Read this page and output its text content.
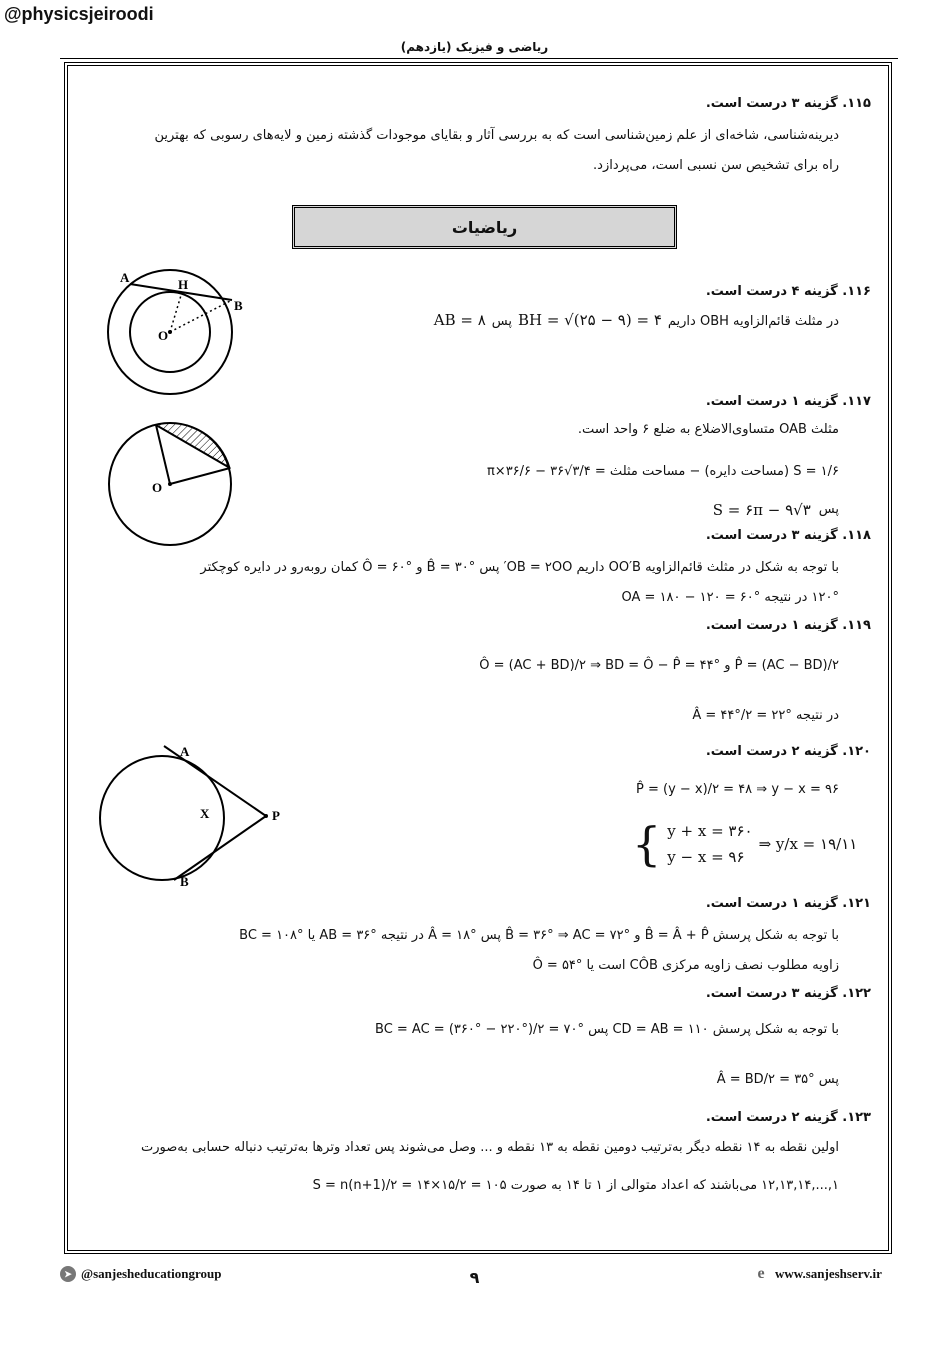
@physicsjeiroodi
ریاضی و فیزیک (یازدهم)
۱۱۵. گزینه ۳ درست است.
دیرینه‌شناسی، شاخه‌ای از علم زمین‌شناسی است که به بررسی آثار و بقایای موجودات گذشته زمین و لایه‌های رسوبی که بهترین
راه برای تشخیص سن نسبی است، می‌پردازد.
ریاضیات
۱۱۶. گزینه ۴ درست است.
در مثلث قائم‌الزاویه OBH داریم
BH = √(۲۵ − ۹) = ۴
پس
AB = ۸
A	H
B
O
۱۱۷. گزینه ۱ درست است.
مثلث OAB متساوی‌الاضلاع به ضلع ۶ واحد است.
S = ۱/۶ (مساحت دایره) − مساحت مثلث = π×۳۶/۶ − ۳۶√۳/۴
پس
S = ۶π − ۹√۳
O
۱۱۸. گزینه ۳ درست است.
با توجه به شکل در مثلث قائم‌الزاویه OO′B داریم OB = ۲OO′ پس B̂ = ۳۰° و Ô = ۶۰° کمان روبه‌رو در دایره کوچکتر
۱۲۰° در نتیجه OA = ۱۸۰ − ۱۲۰ = ۶۰°
۱۱۹. گزینه ۱ درست است.
P̂ = (AC − BD)/۲ و Ô = (AC + BD)/۲ ⇒ BD = Ô − P̂ = ۴۴°
در نتیجه Â = ۴۴°/۲ = ۲۲°
۱۲۰. گزینه ۲ درست است.
P̂ = (y − x)/۲ = ۴۸ ⇒ y − x = ۹۶
{ y + x = ۳۶۰
y − x = ۹۶
⇒ y/x = ۱۹/۱۱
A
X	P
B
۱۲۱. گزینه ۱ درست است.
با توجه به شکل پرسش B̂ = Â + P̂ و B̂ = ۳۶° ⇒ AC = ۷۲° پس Â = ۱۸° در نتیجه AB = ۳۶° یا BC = ۱۰۸°
زاویه مطلوب نصف زاویه مرکزی CÔB است یا Ô = ۵۴°
۱۲۲. گزینه ۳ درست است.
با توجه به شکل پرسش CD = AB = ۱۱۰ پس BC = AC = (۳۶۰° − ۲۲۰°)/۲ = ۷۰°
پس Â = BD/۲ = ۳۵°
۱۲۳. گزینه ۲ درست است.
اولین نقطه به ۱۴ نقطه دیگر به‌ترتیب دومین نقطه به ۱۳ نقطه و ... وصل می‌شوند پس تعداد وترها به‌ترتیب دنباله حسابی به‌صورت
۱,...,۱۲,۱۳,۱۴ می‌باشند که اعداد متوالی از ۱ تا ۱۴ به صورت S = n(n+1)/۲ = ۱۴×۱۵/۲ = ۱۰۵
➤ @sanjesheducationgroup	۹	e www.sanjeshserv.ir
